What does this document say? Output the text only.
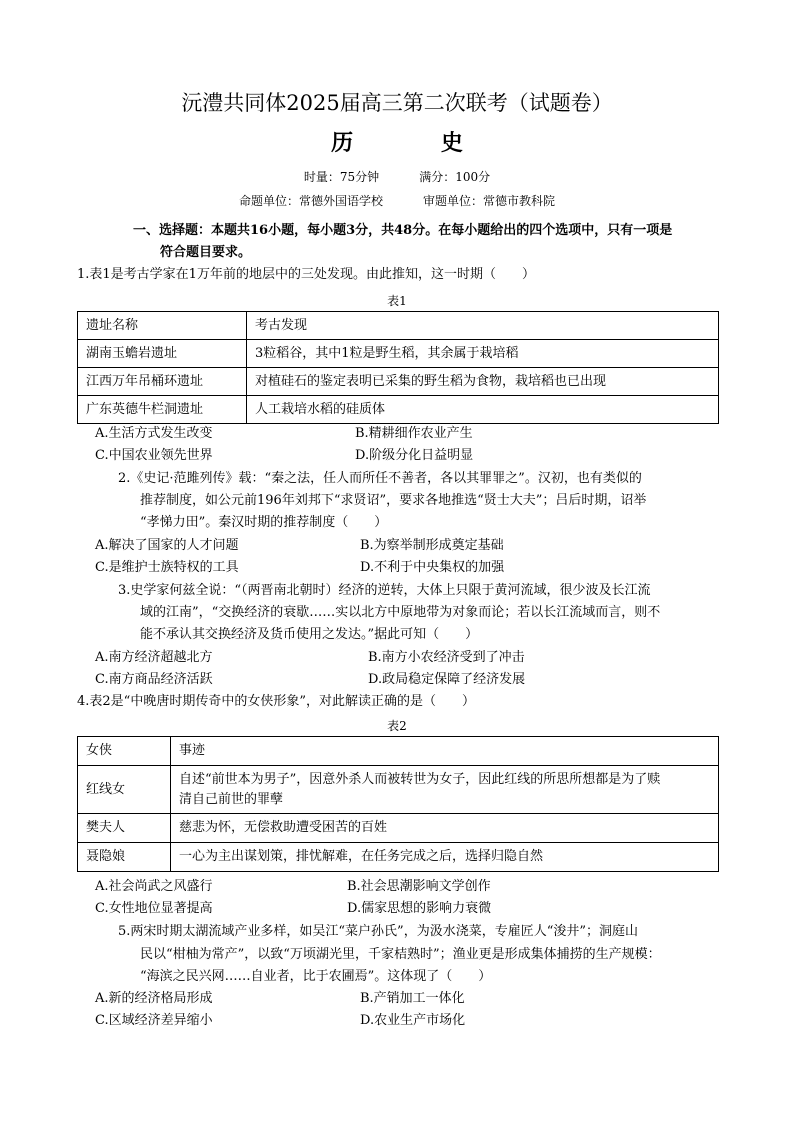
沅澧共同体2025届高三第二次联考（试题卷）
历 史
时量：75分钟	满分：100分
命题单位：常德外国语学校	审题单位：常德市教科院
一、选择题：本题共16小题，每小题3分，共48分。在每小题给出的四个选项中，只有一项是
符合题目要求。
1.表1是考古学家在1万年前的地层中的三处发现。由此推知，这一时期（　　）
表1
遗址名称	考古发现
湖南玉蟾岩遗址	3粒稻谷，其中1粒是野生稻，其余属于栽培稻
江西万年吊桶环遗址	对植硅石的鉴定表明已采集的野生稻为食物，栽培稻也已出现
广东英德牛栏洞遗址	人工栽培水稻的硅质体
A.生活方式发生改变	B.精耕细作农业产生
C.中国农业领先世界	D.阶级分化日益明显
2.《史记·范雎列传》载：“秦之法，任人而所任不善者，各以其罪罪之”。汉初，也有类似的
推荐制度，如公元前196年刘邦下“求贤诏”，要求各地推选“贤士大夫”；吕后时期，诏举
“孝悌力田”。秦汉时期的推荐制度（　　）
A.解决了国家的人才问题	B.为察举制形成奠定基础
C.是维护士族特权的工具	D.不利于中央集权的加强
3.史学家何兹全说：“（两晋南北朝时）经济的逆转，大体上只限于黄河流域，很少波及长江流
域的江南”，“交换经济的衰歇……实以北方中原地带为对象而论；若以长江流域而言，则不
能不承认其交换经济及货币使用之发达。”据此可知（　　）
A.南方经济超越北方	B.南方小农经济受到了冲击
C.南方商品经济活跃	D.政局稳定保障了经济发展
4.表2是“中晚唐时期传奇中的女侠形象”，对此解读正确的是（　　）
表2
女侠	事迹
红线女	自述“前世本为男子”，因意外杀人而被转世为女子，因此红线的所思所想都是为了赎
清自己前世的罪孽

樊夫人	慈悲为怀，无偿救助遭受困苦的百姓
聂隐娘	一心为主出谋划策，排忧解难，在任务完成之后，选择归隐自然
A.社会尚武之风盛行	B.社会思潮影响文学创作
C.女性地位显著提高	D.儒家思想的影响力衰微
5.两宋时期太湖流域产业多样，如吴江“菜户孙氏”，为汲水浇菜，专雇匠人“浚井”；洞庭山
民以“柑柚为常产”，以致“万顷湖光里，千家桔熟时”；渔业更是形成集体捕捞的生产规模：
“海滨之民兴网……自业者，比于农圃焉”。这体现了（　　）
A.新的经济格局形成	B.产销加工一体化
C.区域经济差异缩小	D.农业生产市场化
